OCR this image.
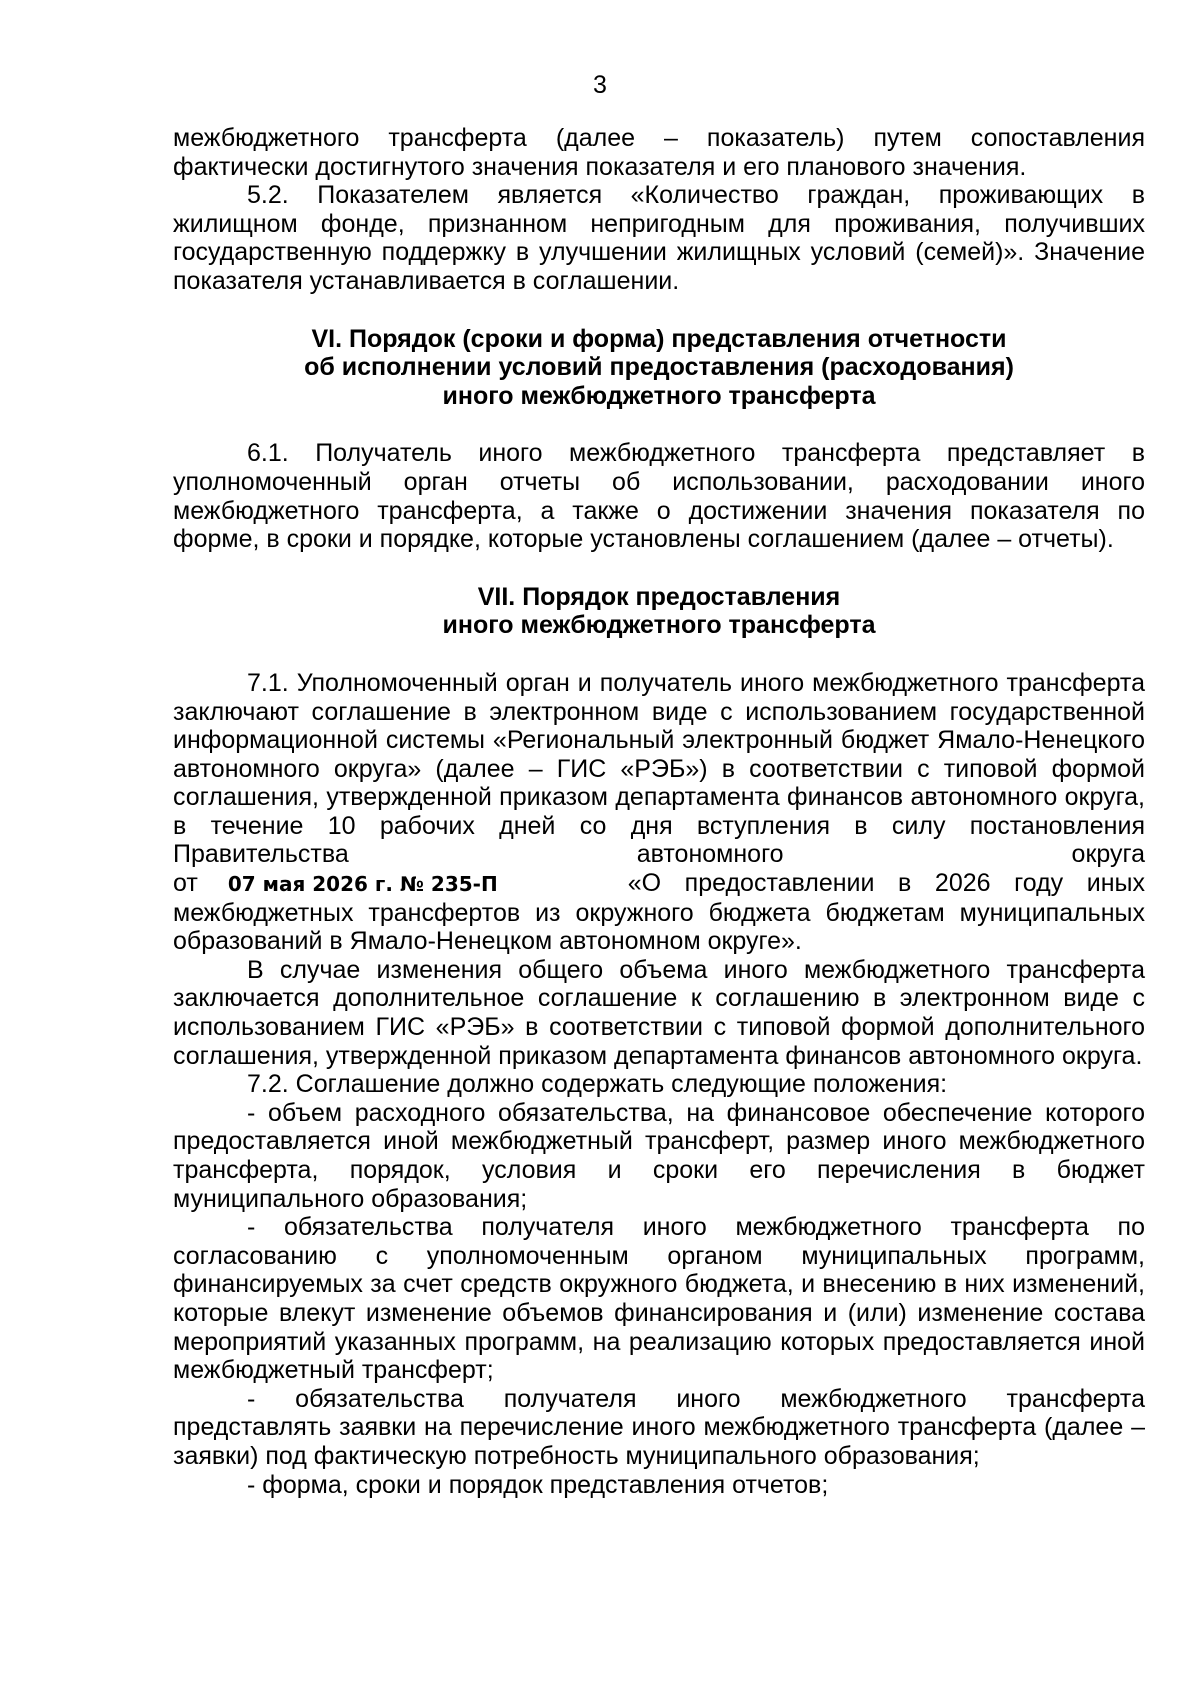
3

межбюджетного трансферта (далее – показатель) путем сопоставления фактически достигнутого значения показателя и его планового значения.

5.2. Показателем является «Количество граждан, проживающих в жилищном фонде, признанном непригодным для проживания, получивших государственную поддержку в улучшении жилищных условий (семей)». Значение показателя устанавливается в соглашении.

VI. Порядок (сроки и форма) представления отчетности
об исполнении условий предоставления (расходования)
иного межбюджетного трансферта

6.1. Получатель иного межбюджетного трансферта представляет в уполномоченный орган отчеты об использовании, расходовании иного межбюджетного трансферта, а также о достижении значения показателя по форме, в сроки и порядке, которые установлены соглашением (далее – отчеты).

VII. Порядок предоставления
иного межбюджетного трансферта

7.1. Уполномоченный орган и получатель иного межбюджетного трансферта заключают соглашение в электронном виде с использованием государственной информационной системы «Региональный электронный бюджет Ямало-Ненецкого автономного округа» (далее – ГИС «РЭБ») в соответствии с типовой формой соглашения, утвержденной приказом департамента финансов автономного округа, в течение 10 рабочих дней со дня вступления в силу постановления Правительства автономного округа

от 07 мая 2026 г. № 235-П	«О предоставлении в 2026 году иных межбюджетных трансфертов из окружного бюджета бюджетам муниципальных образований в Ямало-Ненецком автономном округе».

В случае изменения общего объема иного межбюджетного трансферта заключается дополнительное соглашение к соглашению в электронном виде с использованием ГИС «РЭБ» в соответствии с типовой формой дополнительного соглашения, утвержденной приказом департамента финансов автономного округа.

7.2. Соглашение должно содержать следующие положения:

- объем расходного обязательства, на финансовое обеспечение которого предоставляется иной межбюджетный трансферт, размер иного межбюджетного трансферта, порядок, условия и сроки его перечисления в бюджет муниципального образования;

- обязательства получателя иного межбюджетного трансферта по согласованию с уполномоченным органом муниципальных программ, финансируемых за счет средств окружного бюджета, и внесению в них изменений, которые влекут изменение объемов финансирования и (или) изменение состава мероприятий указанных программ, на реализацию которых предоставляется иной межбюджетный трансферт;

- обязательства получателя иного межбюджетного трансферта представлять заявки на перечисление иного межбюджетного трансферта (далее – заявки) под фактическую потребность муниципального образования;

- форма, сроки и порядок представления отчетов;
